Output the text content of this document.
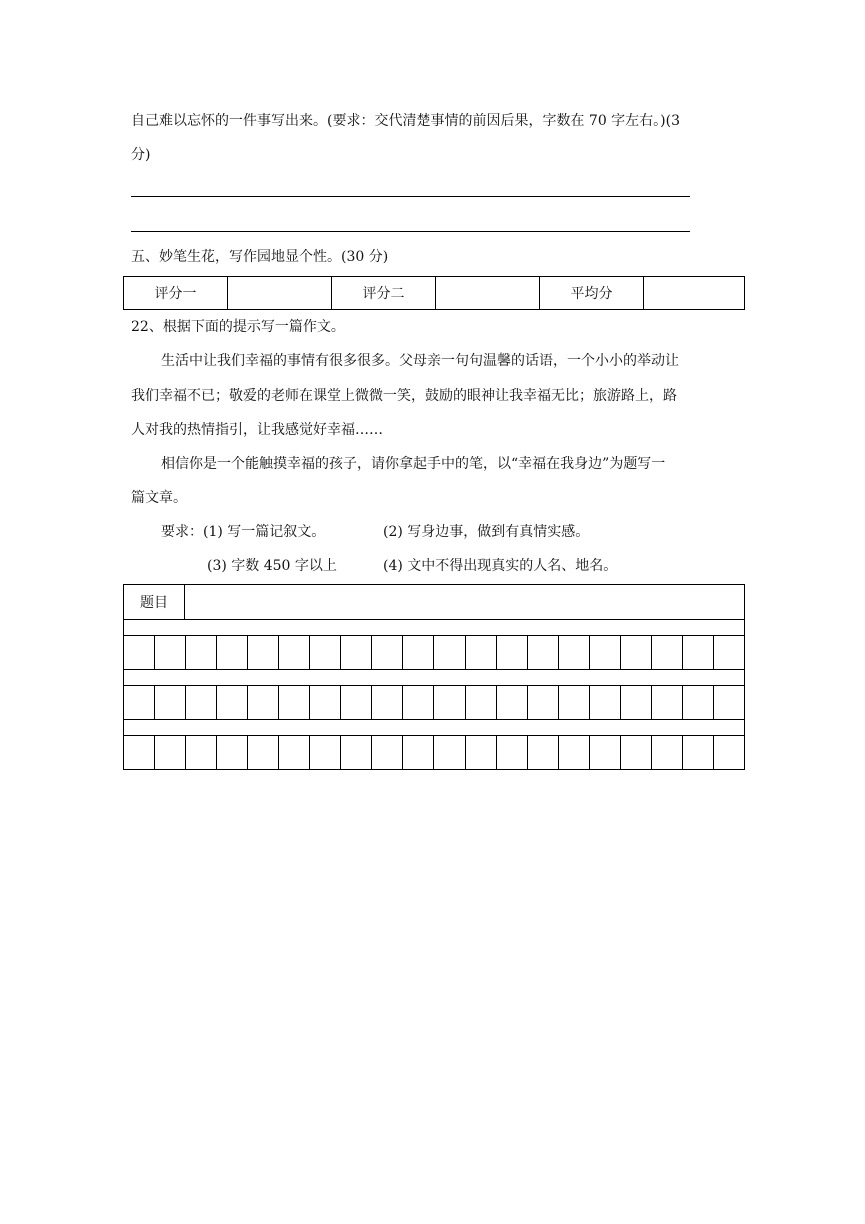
自己难以忘怀的一件事写出来。(要求：交代清楚事情的前因后果，字数在 70 字左右。)(3
分)
五、妙笔生花，写作园地显个性。(30 分)
评分一		评分二		平均分	
22、根据下面的提示写一篇作文。
生活中让我们幸福的事情有很多很多。父母亲一句句温馨的话语，一个小小的举动让
我们幸福不已；敬爱的老师在课堂上微微一笑，鼓励的眼神让我幸福无比；旅游路上，路
人对我的热情指引，让我感觉好幸福……
相信你是一个能触摸幸福的孩子，请你拿起手中的笔，以“幸福在我身边”为题写一
篇文章。
要求：(1) 写一篇记叙文。	(2) 写身边事，做到有真情实感。
(3) 字数 450 字以上	(4) 文中不得出现真实的人名、地名。
题目	
